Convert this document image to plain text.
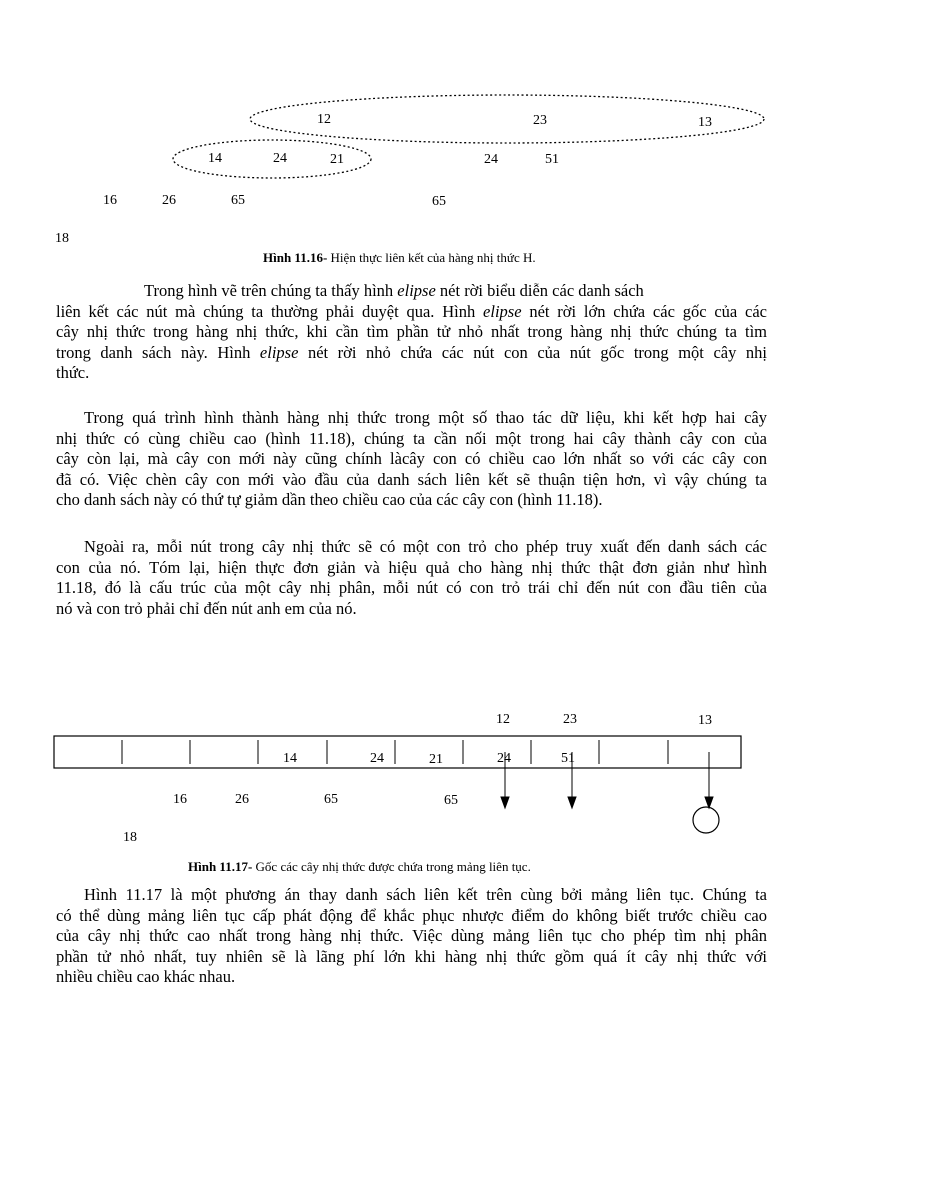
12	23	13
14	24	21	24	51
16	26	65	65
18
Hình 11.16- Hiện thực liên kết của hàng nhị thức H.
Trong hình vẽ trên chúng ta thấy hình elipse nét rời biểu diễn các danh sách
liên kết các nút mà chúng ta thường phải duyệt qua. Hình elipse nét rời lớn chứa các gốc của các
cây nhị thức trong hàng nhị thức, khi cần tìm phần tử nhỏ nhất trong hàng nhị thức chúng ta tìm
trong danh sách này. Hình elipse nét rời nhỏ chứa các nút con của nút gốc trong một cây nhị
thức.
Trong quá trình hình thành hàng nhị thức trong một số thao tác dữ liệu, khi kết hợp hai cây
nhị thức có cùng chiều cao (hình 11.18), chúng ta cần nối một trong hai cây thành cây con của
cây còn lại, mà cây con mới này cũng chính làcây con có chiều cao lớn nhất so với các cây con
đã có. Việc chèn cây con mới vào đầu của danh sách liên kết sẽ thuận tiện hơn, vì vậy chúng ta
cho danh sách này có thứ tự giảm dần theo chiều cao của các cây con (hình 11.18).
Ngoài ra, mỗi nút trong cây nhị thức sẽ có một con trỏ cho phép truy xuất đến danh sách các
con của nó. Tóm lại, hiện thực đơn giản và hiệu quả cho hàng nhị thức thật đơn giản như hình
11.18, đó là cấu trúc của một cây nhị phân, mỗi nút có con trỏ trái chỉ đến nút con đầu tiên của
nó và con trỏ phải chỉ đến nút anh em của nó.
12	23	13
14	24	21	24	51
16	26	65	65
18
Hình 11.17- Gốc các cây nhị thức được chứa trong mảng liên tục.
Hình 11.17 là một phương án thay danh sách liên kết trên cùng bởi mảng liên tục. Chúng ta
có thể dùng mảng liên tục cấp phát động để khắc phục nhược điểm do không biết trước chiều cao
của cây nhị thức cao nhất trong hàng nhị thức. Việc dùng mảng liên tục cho phép tìm nhị phân
phần tử nhỏ nhất, tuy nhiên sẽ là lãng phí lớn khi hàng nhị thức gồm quá ít cây nhị thức với
nhiều chiều cao khác nhau.
